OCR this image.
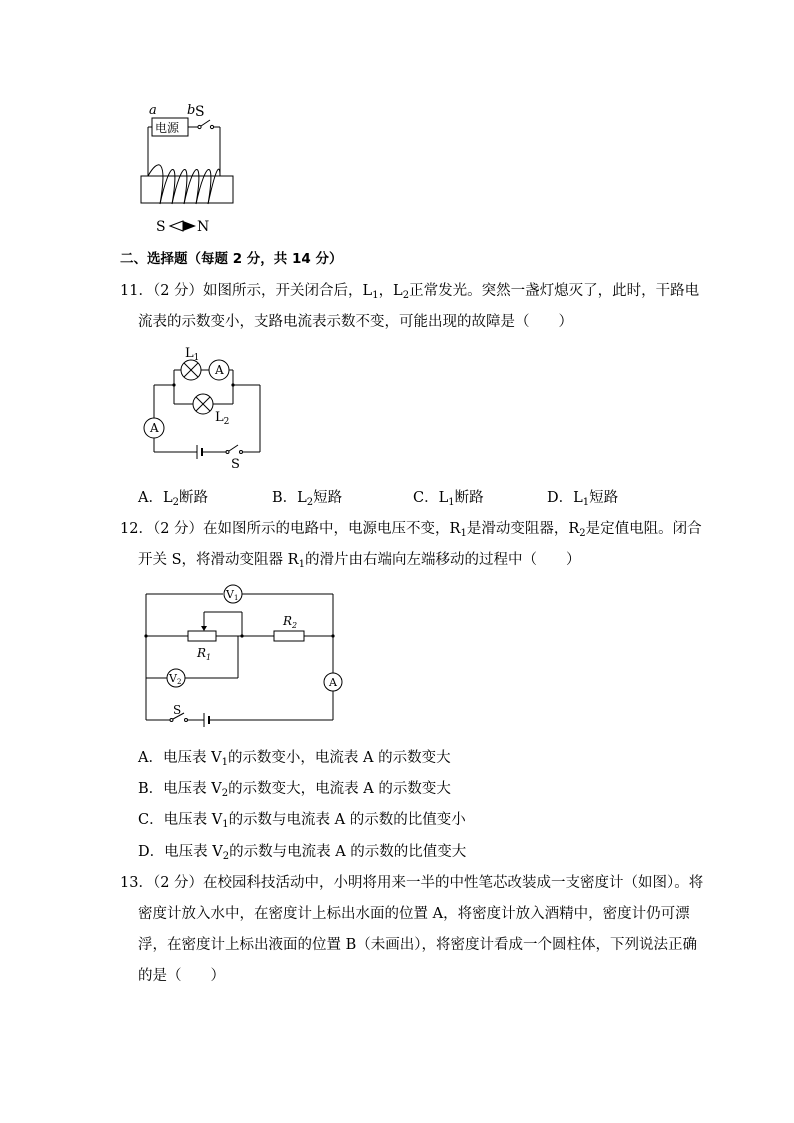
a b S
电源
S N
二、选择题（每题 2 分，共 14 分）
11．（2 分）如图所示，开关闭合后，$L_1$，$L_2$正常发光。突然一盏灯熄灭了，此时，干路电
流表的示数变小，支路电流表示数不变，可能出现的故障是（　　）
$L_1$
A
$L_2$
A
S
A．$L_2$断路	B．$L_2$短路	C．$L_1$断路	D．$L_1$短路
12．（2 分）在如图所示的电路中，电源电压不变，$R_1$是滑动变阻器，$R_2$是定值电阻。闭合
开关 S，将滑动变阻器 $R_1$的滑片由右端向左端移动的过程中（　　）
V1
V2
$R_1$
$R_2$
A
S
A．电压表 $V_1$的示数变小，电流表 A 的示数变大
B．电压表 $V_2$的示数变大，电流表 A 的示数变大
C．电压表 $V_1$的示数与电流表 A 的示数的比值变小
D．电压表 $V_2$的示数与电流表 A 的示数的比值变大
13．（2 分）在校园科技活动中，小明将用来一半的中性笔芯改装成一支密度计（如图）。将
密度计放入水中，在密度计上标出水面的位置 A，将密度计放入酒精中，密度计仍可漂
浮，在密度计上标出液面的位置 B（未画出），将密度计看成一个圆柱体，下列说法正确
的是（　　）
